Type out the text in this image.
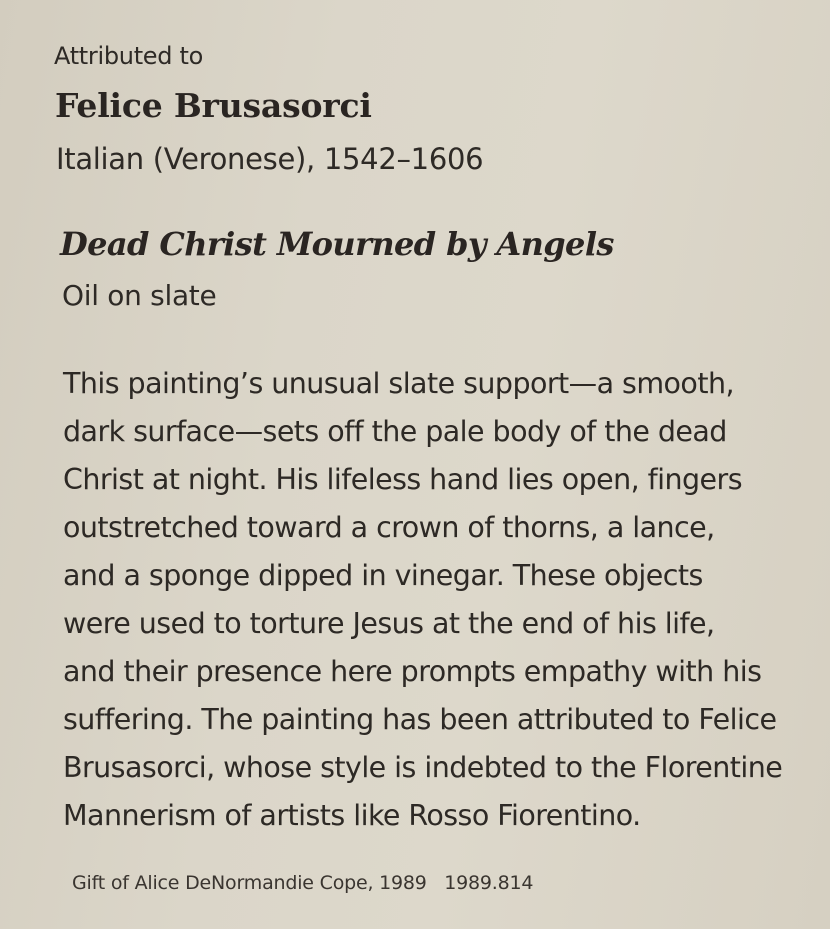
Attributed to
Felice Brusasorci
Italian (Veronese), 1542–1606
Dead Christ Mourned by Angels
Oil on slate
This painting’s unusual slate support—a smooth,
dark surface—sets off the pale body of the dead
Christ at night. His lifeless hand lies open, fingers
outstretched toward a crown of thorns, a lance,
and a sponge dipped in vinegar. These objects
were used to torture Jesus at the end of his life,
and their presence here prompts empathy with his
suffering. The painting has been attributed to Felice
Brusasorci, whose style is indebted to the Florentine
Mannerism of artists like Rosso Fiorentino.
Gift of Alice DeNormandie Cope, 1989 1989.814
